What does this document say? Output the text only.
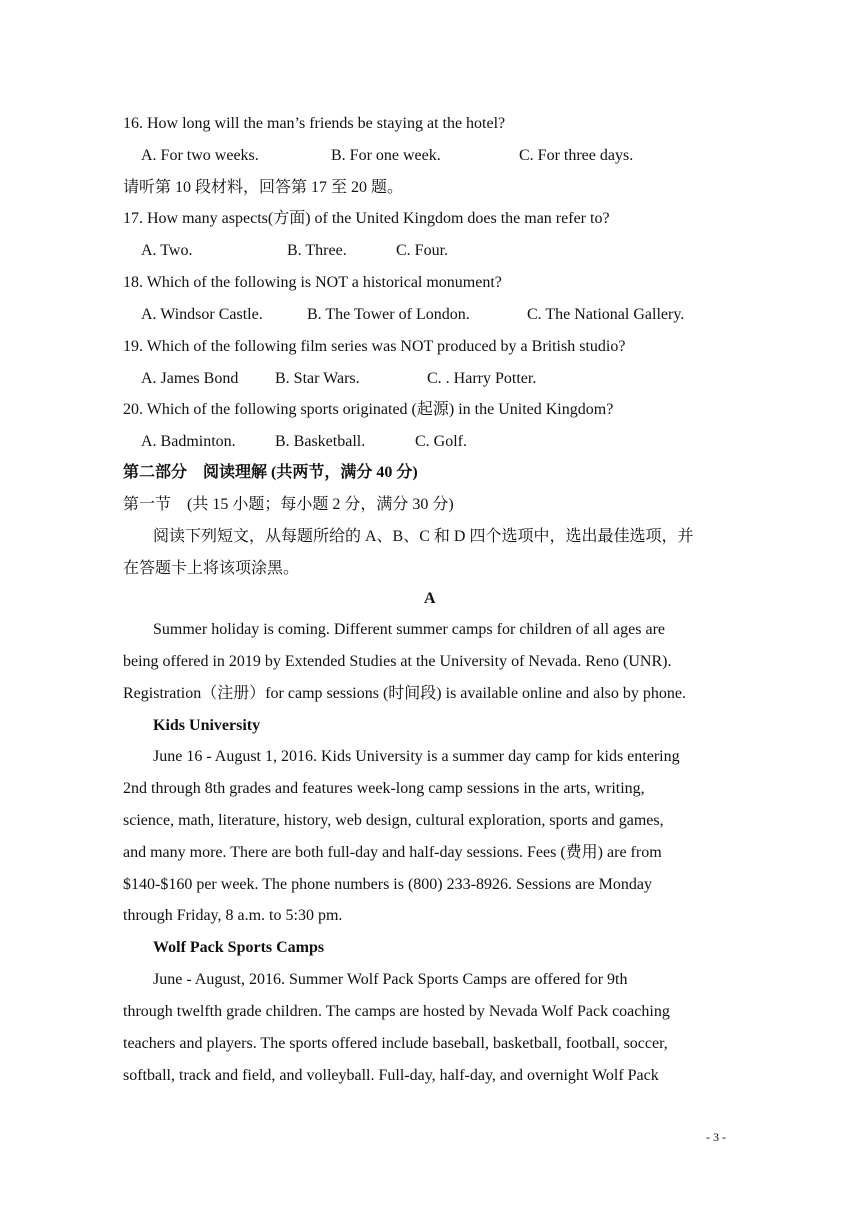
16. How long will the man’s friends be staying at the hotel?
A. For two weeks.	B. For one week.	C. For three days.
请听第 10 段材料，回答第 17 至 20 题。
17. How many aspects(方面) of the United Kingdom does the man refer to?
A. Two.	B. Three.	C. Four.
18. Which of the following is NOT a historical monument?
A. Windsor Castle.	B. The Tower of London.	C. The National Gallery.
19. Which of the following film series was NOT produced by a British studio?
A. James Bond B. Star Wars.	C. . Harry Potter.
20. Which of the following sports originated (起源) in the United Kingdom?
A. Badminton. B. Basketball.	C. Golf.
第二部分　阅读理解 (共两节，满分 40 分)
第一节　(共 15 小题；每小题 2 分，满分 30 分)
阅读下列短文，从每题所给的 A、B、C 和 D 四个选项中，选出最佳选项，并
在答题卡上将该项涂黑。
A
Summer holiday is coming. Different summer camps for children of all ages are
being offered in 2019 by Extended Studies at the University of Nevada. Reno (UNR).
Registration（注册）for camp sessions (时间段) is available online and also by phone.
Kids University
June 16 - August 1, 2016. Kids University is a summer day camp for kids entering
2nd through 8th grades and features week-long camp sessions in the arts, writing,
science, math, literature, history, web design, cultural exploration, sports and games,
and many more. There are both full-day and half-day sessions. Fees (费用) are from
$140-$160 per week. The phone numbers is (800) 233-8926. Sessions are Monday
through Friday, 8 a.m. to 5:30 pm.
Wolf Pack Sports Camps
June - August, 2016. Summer Wolf Pack Sports Camps are offered for 9th
through twelfth grade children. The camps are hosted by Nevada Wolf Pack coaching
teachers and players. The sports offered include baseball, basketball, football, soccer,
softball, track and field, and volleyball. Full-day, half-day, and overnight Wolf Pack
- 3 -
